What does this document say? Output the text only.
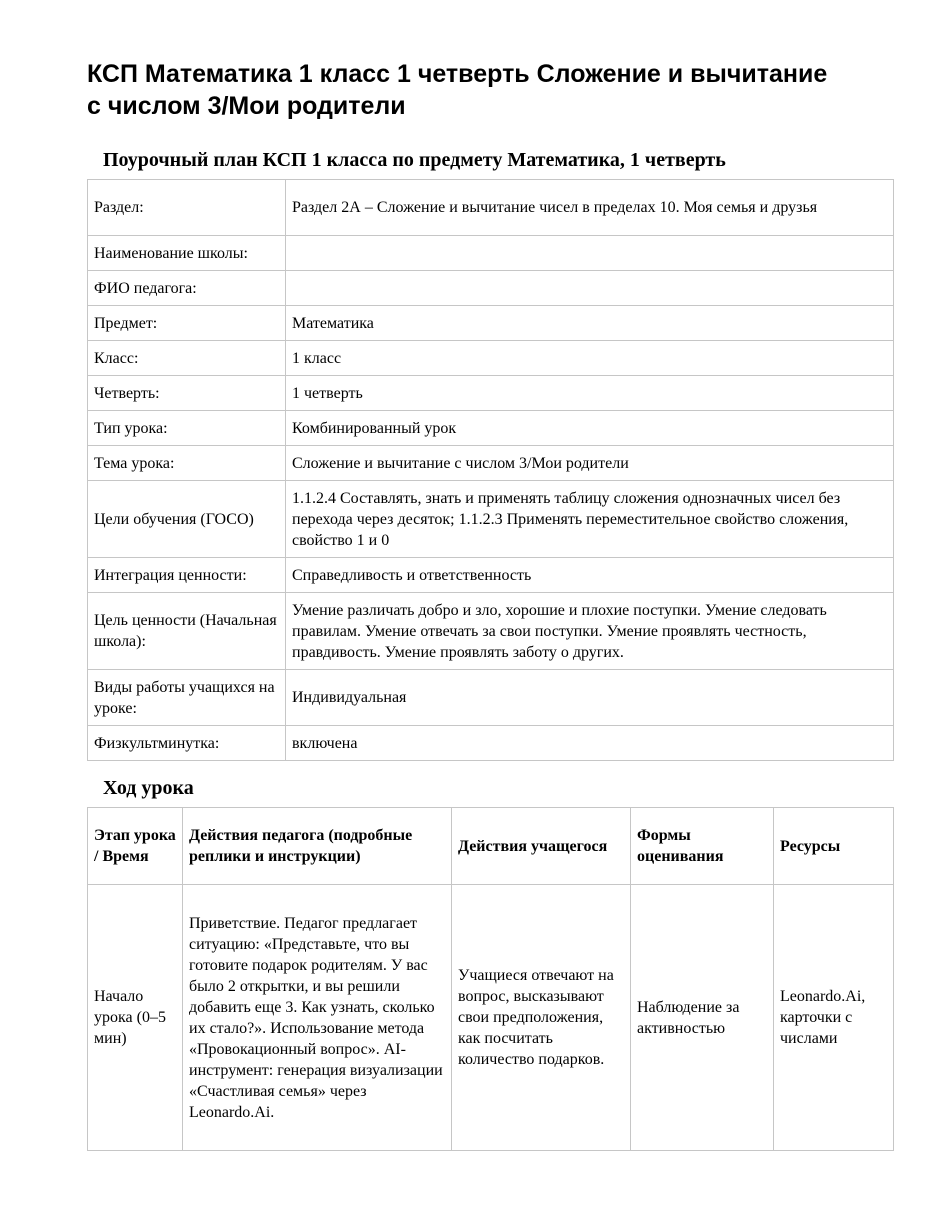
КСП Математика 1 класс 1 четверть Сложение и вычитание с числом 3/Мои родители
Поурочный план КСП 1 класса по предмету Математика, 1 четверть
Раздел:	Раздел 2А – Сложение и вычитание чисел в пределах 10. Моя семья и друзья
Наименование школы:	
ФИО педагога:	
Предмет:	Математика
Класс:	1 класс
Четверть:	1 четверть
Тип урока:	Комбинированный урок
Тема урока:	Сложение и вычитание с числом 3/Мои родители
Цели обучения (ГОСО)	1.1.2.4 Составлять, знать и применять таблицу сложения однозначных чисел без перехода через десяток; 1.1.2.3 Применять переместительное свойство сложения, свойство 1 и 0
Интеграция ценности:	Справедливость и ответственность
Цель ценности (Начальная школа):	Умение различать добро и зло, хорошие и плохие поступки. Умение следовать правилам. Умение отвечать за свои поступки. Умение проявлять честность, правдивость. Умение проявлять заботу о других.
Виды работы учащихся на уроке:	Индивидуальная
Физкультминутка:	включена
Ход урока
Этап урока / Время	Действия педагога (подробные реплики и инструкции)	Действия учащегося	Формы оценивания	Ресурсы
Начало урока (0–5 мин)	Приветствие. Педагог предлагает ситуацию: «Представьте, что вы готовите подарок родителям. У вас было 2 открытки, и вы решили добавить еще 3. Как узнать, сколько их стало?». Использование метода «Провокационный вопрос». AI-инструмент: генерация визуализации «Счастливая семья» через Leonardo.Ai.	Учащиеся отвечают на вопрос, высказывают свои предположения, как посчитать количество подарков.	Наблюдение за активностью	Leonardo.Ai, карточки с числами
